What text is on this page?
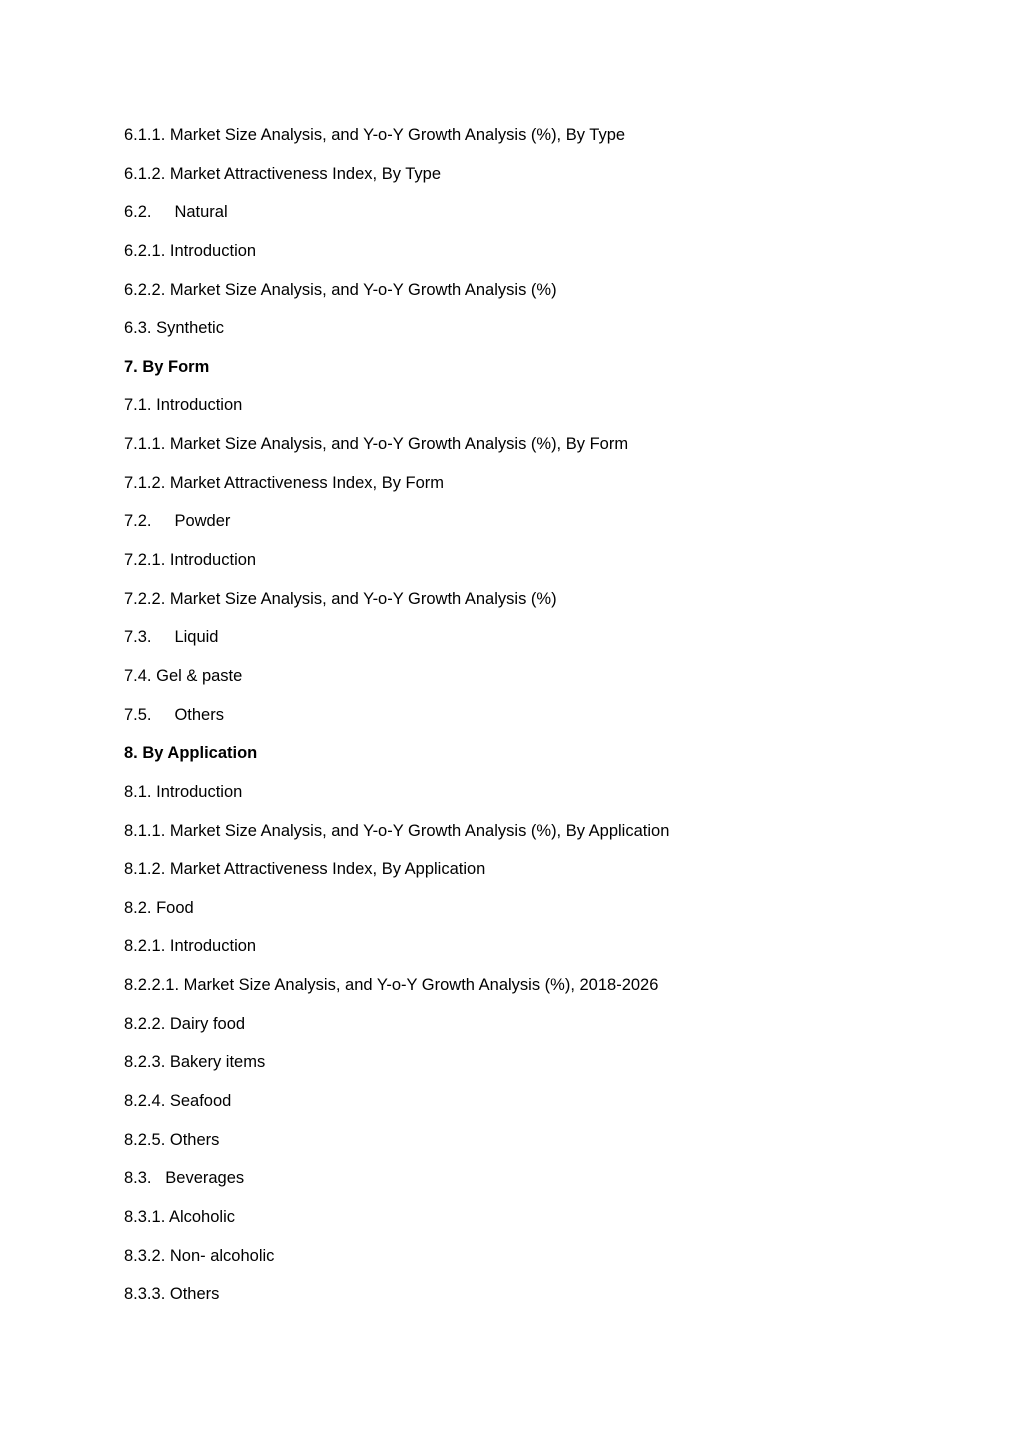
6.1.1. Market Size Analysis, and Y-o-Y Growth Analysis (%), By Type
6.1.2. Market Attractiveness Index, By Type
6.2.     Natural
6.2.1. Introduction
6.2.2. Market Size Analysis, and Y-o-Y Growth Analysis (%)
6.3. Synthetic
7. By Form
7.1. Introduction
7.1.1. Market Size Analysis, and Y-o-Y Growth Analysis (%), By Form
7.1.2. Market Attractiveness Index, By Form
7.2.     Powder
7.2.1. Introduction
7.2.2. Market Size Analysis, and Y-o-Y Growth Analysis (%)
7.3.     Liquid
7.4. Gel & paste
7.5.     Others
8. By Application
8.1. Introduction
8.1.1. Market Size Analysis, and Y-o-Y Growth Analysis (%), By Application
8.1.2. Market Attractiveness Index, By Application
8.2. Food
8.2.1. Introduction
8.2.2.1. Market Size Analysis, and Y-o-Y Growth Analysis (%), 2018-2026
8.2.2. Dairy food
8.2.3. Bakery items
8.2.4. Seafood
8.2.5. Others
8.3.   Beverages
8.3.1. Alcoholic
8.3.2. Non- alcoholic
8.3.3. Others
